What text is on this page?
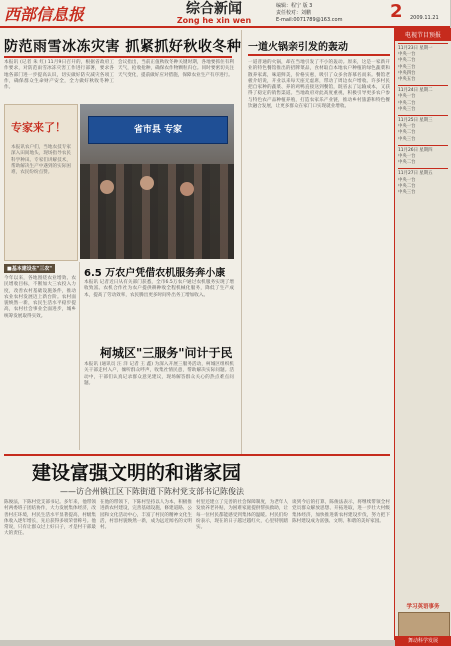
西部信息报	综合新闻
Zong he xin wen
编辑：程宁 版 3
责任校对：刘鹏
E-mail:0071789@163.com	2 2009.11.21
防范雨雪冰冻灾害 抓紧抓好秋收冬种
本报讯 (记者 朱 红) 11月9日召开的，根据省政府工作要求，对防范雨雪冰冻灾害工作进行部署，要求各地各部门进一步提高认识，切实做好防灾减灾各项工作，确保群众生命财产安全，全力做好秋收冬种工作。
会议指出，当前正值秋收冬种关键时期，各地要抓住有利天气，抢收抢种，确保农作物颗粒归仓。同时要密切关注天气变化，提前做好应对措施，保障农业生产有序进行。
专家来了！
本报讯农户们，当地农技专家深入田间地头，现场指导农民科学种田。专家们讲解技术，帮助解决生产中遇到的实际困难，农民纷纷点赞。
省市县 专家
■基本建设在"三农"
今年以来，各地围绕农业增效、农民增收目标，不断加大三农投入力度，改善农村基础设施条件，推动农业农村发展迈上新台阶。农村面貌焕然一新，农民生活水平稳步提高，农村社会事业全面进步，城乡统筹发展取得实效。
6.5 万农户凭借农机服务奔小康
本报讯 记者近日从有关部门获悉，全市6.5万农户通过农机服务实现了增收致富。农机合作社为农户提供耕种收全程机械化服务，降低了生产成本，提高了劳动效率，农民腾出更多时间外出务工增加收入。
柯城区"三服务"问计于民
本报讯 (通讯员 汪 洋 记者 王 鑫) 为深入开展三服务活动，柯城区组织机关干部走村入户，倾听群众呼声，收集社情民意，帮助解决实际问题。活动中，干部们认真记录群众意见建议，现场解答群众关心的热点难点问题。
一道火锅亲引发的轰动
一道普通的火锅，却在当地引发了不小的轰动。原来，这是一家新开业的特色餐馆推出的招牌菜品，食材取自本地农户种植的绿色蔬菜和散养家禽，味道鲜美，价格实惠，吸引了众多食客慕名而来。餐馆老板介绍说，开业以来每天座无虚席，带动了周边农户增收。许多村民把自家种的蔬菜、养的鸡鸭直接送到餐馆，既省去了运输成本，又获得了稳定的销售渠道。当地政府对此高度重视，积极引导更多农户参与特色农产品种植养殖，打造农家乐产业链，推动乡村旅游和特色餐饮融合发展，让更多群众在家门口实现就业增收。
建设富强文明的和谐家园
——访合州镇江区下陈街道下陈村党支部书记陈俊法
陈俊法，下陈村党支部书记。多年来，他带领村两委班子团结协作，大力发展集体经济，改善村庄环境，村民生活水平显著提高，村级集体收入逐年增长，先后获得多项荣誉称号。他常说，只有让群众过上好日子，才是村干部最大的责任。
在他的带领下，下陈村坚持以人为本，积极推进新农村建设，完善基础设施，修建道路、公园和文化活动中心，丰富了村民的精神文化生活，村容村貌焕然一新，成为远近闻名的文明村。
村里还建立了完善的社会保障制度，为老年人发放养老补贴，为困难家庭提供帮扶救助，让每一位村民都能感受到集体的温暖。村民们纷纷表示，现在的日子越过越红火，心里特别踏实。
谈到今后的打算，陈俊法表示，将继续带领全村党员群众解放思想、开拓进取，进一步壮大村级集体经济，加快推进新农村建设步伐，努力把下陈村建设成为富强、文明、和谐的美好家园。
电视节目预报
11月23日 星期一
中央一台
中央二台
中央三台
中央四台
中央五台
11月24日 星期二
中央一台
中央二台
中央三台
11月25日 星期三
中央一台
中央二台
中央三台
11月26日 星期四
中央一台
中央二台
11月27日 星期五
中央一台
中央二台
中央三台
学习英语事务
舞动科学发展
